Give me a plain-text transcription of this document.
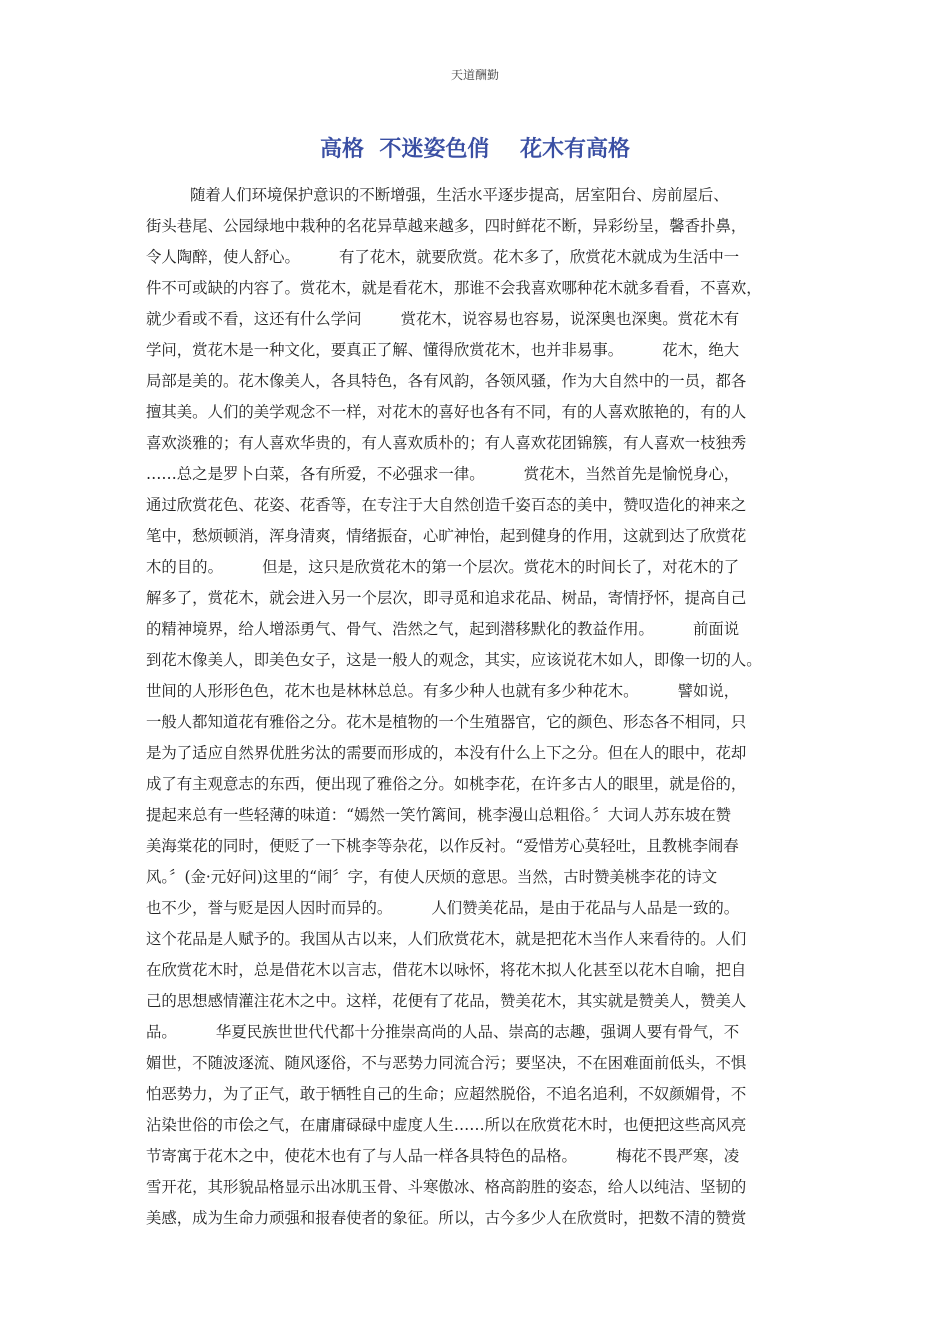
天道酬勤
高格  不迷姿色俏    花木有高格
随着人们环境保护意识的不断增强，生活水平逐步提高，居室阳台、房前屋后、
街头巷尾、公园绿地中栽种的名花异草越来越多，四时鲜花不断，异彩纷呈，馨香扑鼻，
令人陶醉，使人舒心。        有了花木，就要欣赏。花木多了，欣赏花木就成为生活中一
件不可或缺的内容了。赏花木，就是看花木，那谁不会我喜欢哪种花木就多看看，不喜欢，
就少看或不看，这还有什么学问        赏花木，说容易也容易，说深奥也深奥。赏花木有
学问，赏花木是一种文化，要真正了解、懂得欣赏花木，也并非易事。        花木，绝大
局部是美的。花木像美人，各具特色，各有风韵，各领风骚，作为大自然中的一员，都各
擅其美。人们的美学观念不一样，对花木的喜好也各有不同，有的人喜欢脓艳的，有的人
喜欢淡雅的；有人喜欢华贵的，有人喜欢质朴的；有人喜欢花团锦簇，有人喜欢一枝独秀
……总之是罗卜白菜，各有所爱，不必强求一律。        赏花木，当然首先是愉悦身心，
通过欣赏花色、花姿、花香等，在专注于大自然创造千姿百态的美中，赞叹造化的神来之
笔中，愁烦顿消，浑身清爽，情绪振奋，心旷神怡，起到健身的作用，这就到达了欣赏花
木的目的。        但是，这只是欣赏花木的第一个层次。赏花木的时间长了，对花木的了
解多了，赏花木，就会进入另一个层次，即寻觅和追求花品、树品，寄情抒怀，提高自己
的精神境界，给人增添勇气、骨气、浩然之气，起到潜移默化的教益作用。        前面说
到花木像美人，即美色女子，这是一般人的观念，其实，应该说花木如人，即像一切的人。
世间的人形形色色，花木也是林林总总。有多少种人也就有多少种花木。        譬如说，
一般人都知道花有雅俗之分。花木是植物的一个生殖器官，它的颜色、形态各不相同，只
是为了适应自然界优胜劣汰的需要而形成的，本没有什么上下之分。但在人的眼中，花却
成了有主观意志的东西，便出现了雅俗之分。如桃李花，在许多古人的眼里，就是俗的，
提起来总有一些轻薄的味道：“嫣然一笑竹篱间，桃李漫山总粗俗。〞大词人苏东坡在赞
美海棠花的同时，便贬了一下桃李等杂花，以作反衬。“爱惜芳心莫轻吐，且教桃李闹春
风。〞(金·元好问)这里的“闹〞字，有使人厌烦的意思。当然，古时赞美桃李花的诗文
也不少，誉与贬是因人因时而异的。        人们赞美花品，是由于花品与人品是一致的。
这个花品是人赋予的。我国从古以来，人们欣赏花木，就是把花木当作人来看待的。人们
在欣赏花木时，总是借花木以言志，借花木以咏怀，将花木拟人化甚至以花木自喻，把自
己的思想感情灌注花木之中。这样，花便有了花品，赞美花木，其实就是赞美人，赞美人
品。        华夏民族世世代代都十分推崇高尚的人品、崇高的志趣，强调人要有骨气，不
媚世，不随波逐流、随风逐俗，不与恶势力同流合污；要坚决，不在困难面前低头，不惧
怕恶势力，为了正气，敢于牺牲自己的生命；应超然脱俗，不追名追利，不奴颜媚骨，不
沾染世俗的市侩之气，在庸庸碌碌中虚度人生……所以在欣赏花木时，也便把这些高风亮
节寄寓于花木之中，使花木也有了与人品一样各具特色的品格。        梅花不畏严寒，凌
雪开花，其形貌品格显示出冰肌玉骨、斗寒傲冰、格高韵胜的姿态，给人以纯洁、坚韧的
美感，成为生命力顽强和报春使者的象征。所以，古今多少人在欣赏时，把数不清的赞赏
